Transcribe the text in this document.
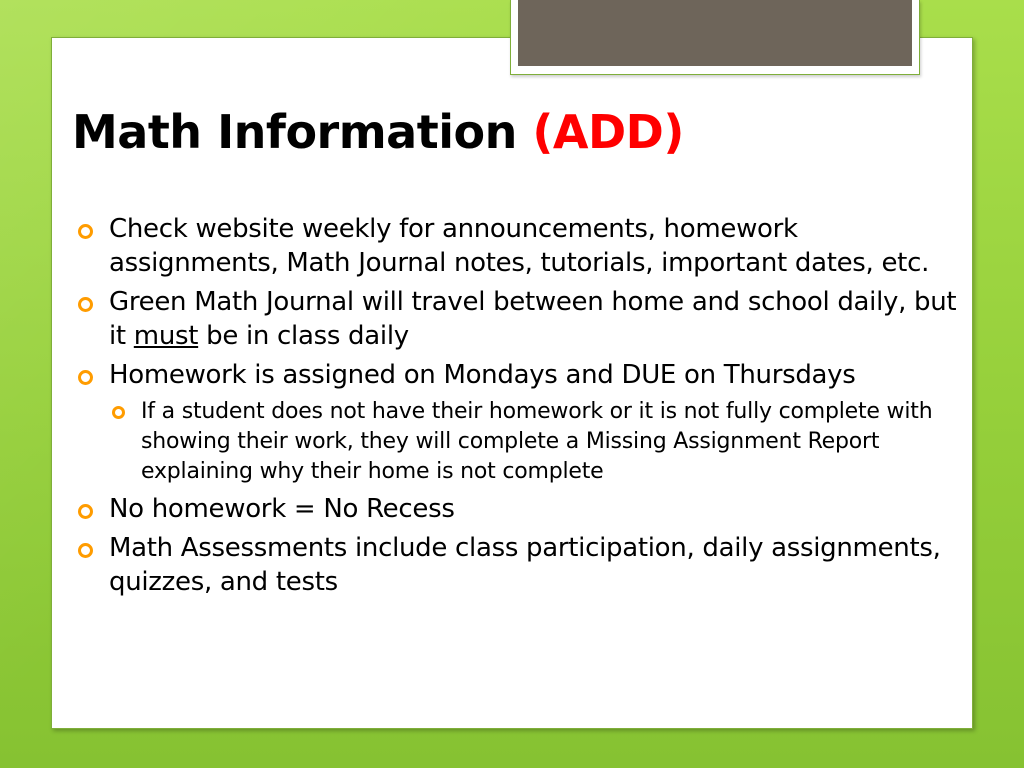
Math Information (ADD)
Check website weekly for announcements, homework assignments, Math Journal notes, tutorials, important dates, etc.
Green Math Journal will travel between home and school daily, but it must be in class daily
Homework is assigned on Mondays and DUE on Thursdays
If a student does not have their homework or it is not fully complete with showing their work, they will complete a Missing Assignment Report explaining why their home is not complete
No homework = No Recess
Math Assessments include class participation, daily assignments, quizzes, and tests
